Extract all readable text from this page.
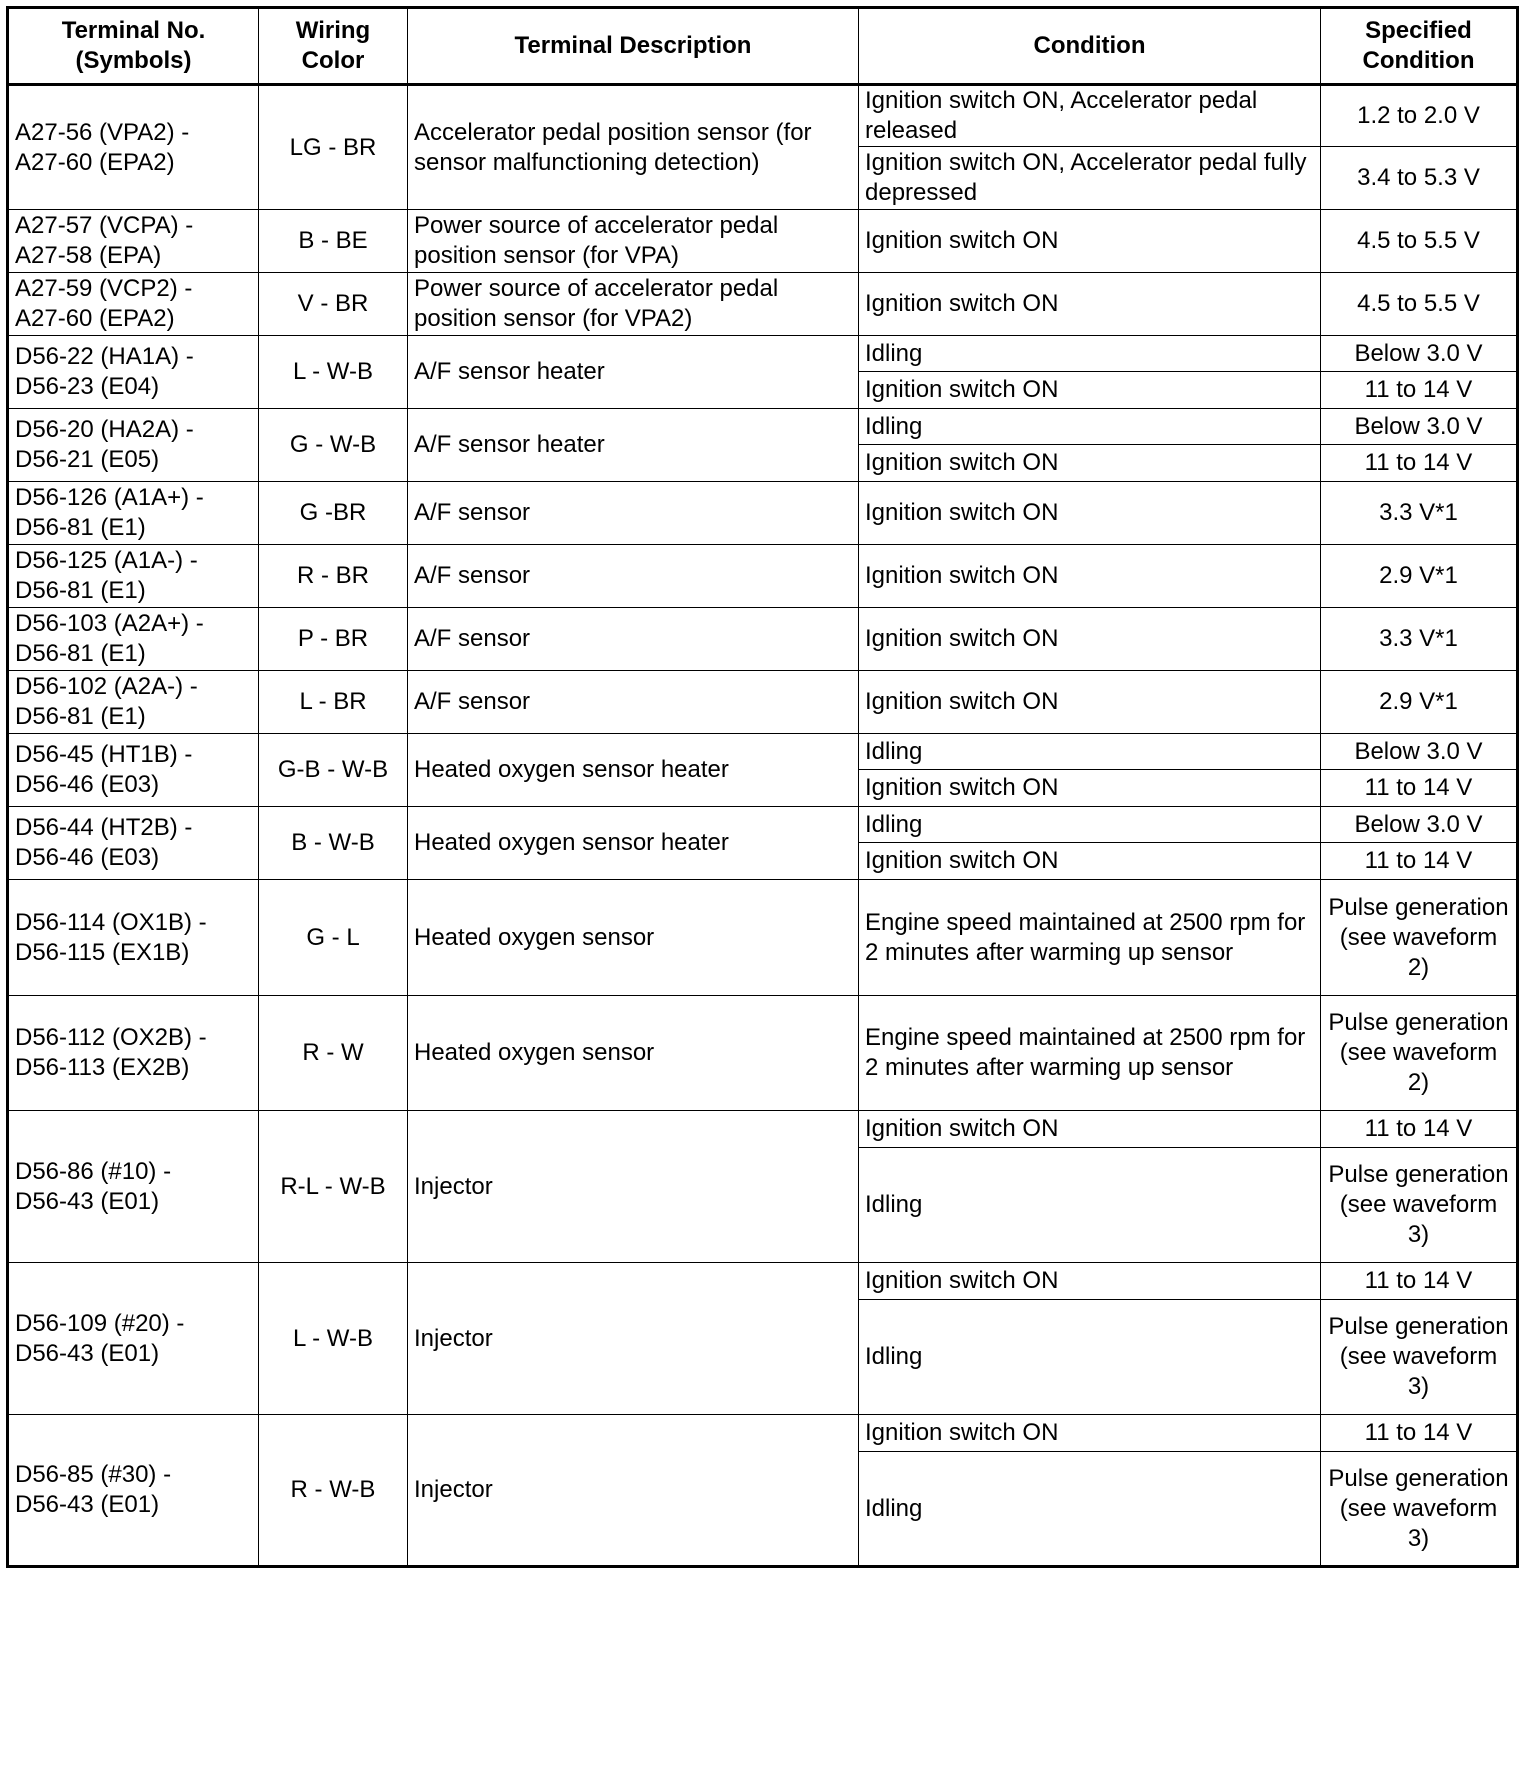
Terminal No. (Symbols)	Wiring Color	Terminal Description	Condition	Specified Condition

A27-56 (VPA2) -
A27-60 (EPA2)	LG - BR	Accelerator pedal position sensor (for sensor malfunctioning detection)	Ignition switch ON, Accelerator pedal released	1.2 to 2.0 V
			Ignition switch ON, Accelerator pedal fully depressed	3.4 to 5.3 V

A27-57 (VCPA) -
A27-58 (EPA)	B - BE	Power source of accelerator pedal position sensor (for VPA)	Ignition switch ON	4.5 to 5.5 V

A27-59 (VCP2) -
A27-60 (EPA2)	V - BR	Power source of accelerator pedal position sensor (for VPA2)	Ignition switch ON	4.5 to 5.5 V

D56-22 (HA1A) -
D56-23 (E04)	L - W-B	A/F sensor heater	Idling	Below 3.0 V
			Ignition switch ON	11 to 14 V

D56-20 (HA2A) -
D56-21 (E05)	G - W-B	A/F sensor heater	Idling	Below 3.0 V
			Ignition switch ON	11 to 14 V

D56-126 (A1A+) -
D56-81 (E1)	G -BR	A/F sensor	Ignition switch ON	3.3 V*1

D56-125 (A1A-) -
D56-81 (E1)	R - BR	A/F sensor	Ignition switch ON	2.9 V*1

D56-103 (A2A+) -
D56-81 (E1)	P - BR	A/F sensor	Ignition switch ON	3.3 V*1

D56-102 (A2A-) -
D56-81 (E1)	L - BR	A/F sensor	Ignition switch ON	2.9 V*1

D56-45 (HT1B) -
D56-46 (E03)	G-B - W-B	Heated oxygen sensor heater	Idling	Below 3.0 V
			Ignition switch ON	11 to 14 V

D56-44 (HT2B) -
D56-46 (E03)	B - W-B	Heated oxygen sensor heater	Idling	Below 3.0 V
			Ignition switch ON	11 to 14 V

D56-114 (OX1B) -
D56-115 (EX1B)	G - L	Heated oxygen sensor	Engine speed maintained at 2500 rpm for 2 minutes after warming up sensor	Pulse generation (see waveform 2)

D56-112 (OX2B) -
D56-113 (EX2B)	R - W	Heated oxygen sensor	Engine speed maintained at 2500 rpm for 2 minutes after warming up sensor	Pulse generation (see waveform 2)

D56-86 (#10) -
D56-43 (E01)	R-L - W-B	Injector	Ignition switch ON	11 to 14 V
			Idling	Pulse generation (see waveform 3)

D56-109 (#20) -
D56-43 (E01)	L - W-B	Injector	Ignition switch ON	11 to 14 V
			Idling	Pulse generation (see waveform 3)

D56-85 (#30) -
D56-43 (E01)	R - W-B	Injector	Ignition switch ON	11 to 14 V
			Idling	Pulse generation (see waveform 3)
